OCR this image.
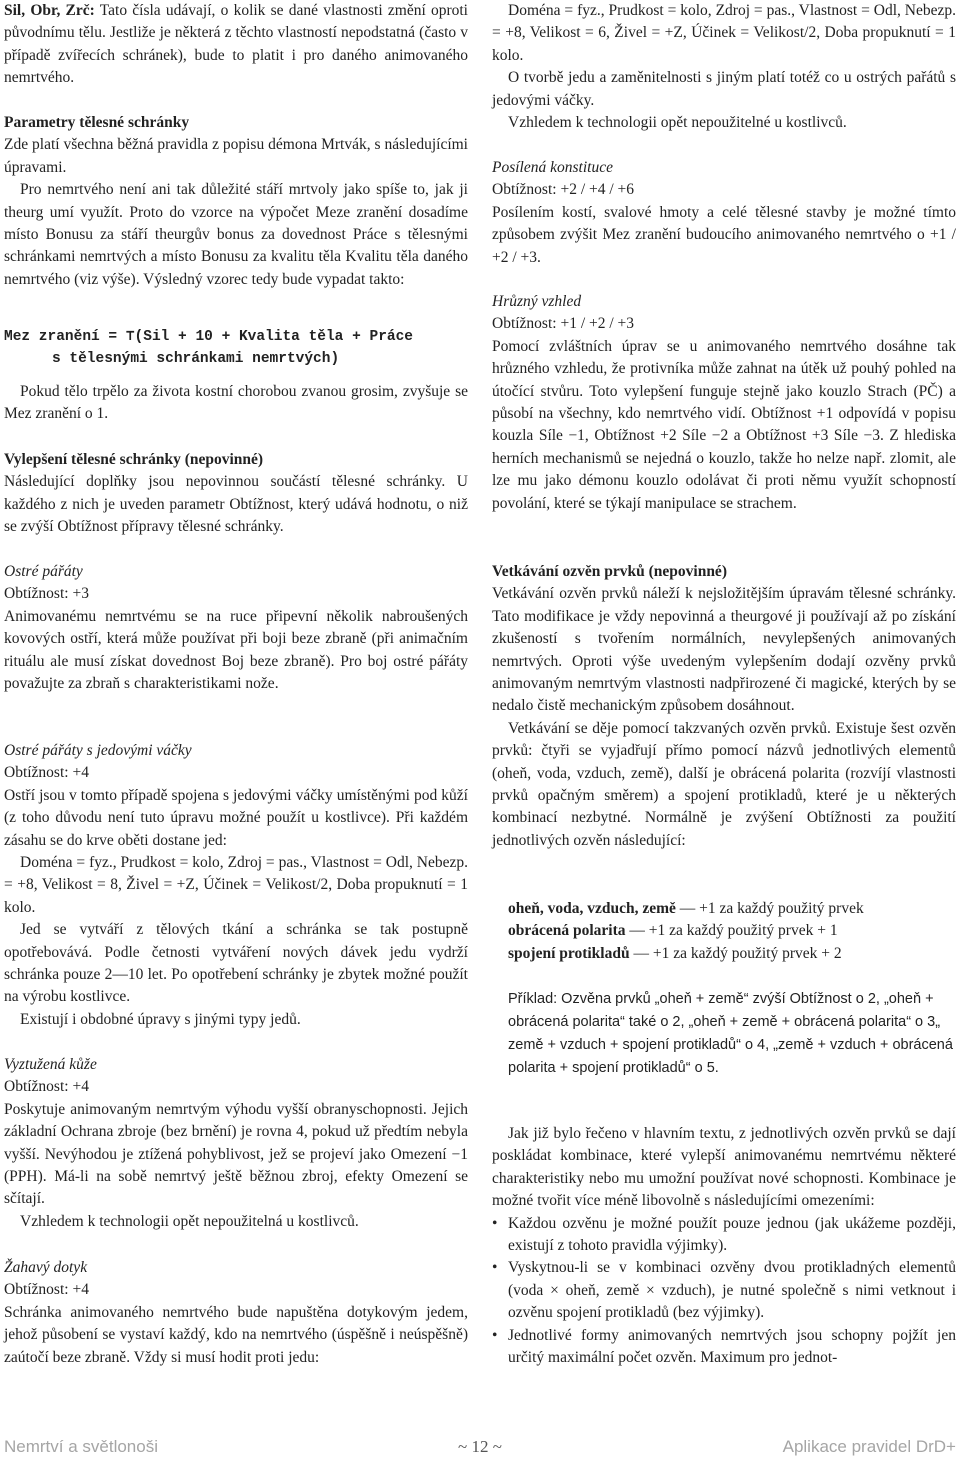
Sil, Obr, Zrč: Tato čísla udávají, o kolik se dané vlastnosti změní oproti původnímu tělu. Jestliže je některá z těchto vlastností nepodstatná (často v případě zvířecích schránek), bude to platit i pro daného animovaného nemrtvého.

Parametry tělesné schránky

Zde platí všechna běžná pravidla z popisu démona Mrtvák, s následujícími úpravami.

Pro nemrtvého není ani tak důležité stáří mrtvoly jako spíše to, jak ji theurg umí využít. Proto do vzorce na výpočet Meze zranění dosadíme místo Bonusu za stáří theurgův bonus za dovednost Práce s tělesnými schránkami nemrtvých a místo Bonusu za kvalitu těla Kvalitu těla daného nemrtvého (viz výše). Výsledný vzorec tedy bude vypadat takto:

Mez zranění = ⊤(Sil + 10 + Kvalita těla + Práce
s tělesnými schránkami nemrtvých)

Pokud tělo trpělo za života kostní chorobou zvanou grosim, zvyšuje se Mez zranění o 1.

Vylepšení tělesné schránky (nepovinné)

Následující doplňky jsou nepovinnou součástí tělesné schránky. U každého z nich je uveden parametr Obtížnost, který udává hodnotu, o niž se zvýší Obtížnost přípravy tělesné schránky.

Ostré pářáty

Obtížnost: +3

Animovanému nemrtvému se na ruce připevní několik nabroušených kovových ostří, která může používat při boji beze zbraně (při animačním rituálu ale musí získat dovednost Boj beze zbraně). Pro boj ostré pářáty považujte za zbraň s charakteristikami nože.

Ostré pářáty s jedovými váčky

Obtížnost: +4

Ostří jsou v tomto případě spojena s jedovými váčky umístěnými pod kůží (z toho důvodu není tuto úpravu možné použít u kostlivce). Při každém zásahu se do krve oběti dostane jed:

Doména = fyz., Prudkost = kolo, Zdroj = pas., Vlastnost = Odl, Nebezp. = +8, Velikost = 8, Živel = +Z, Účinek = Velikost/2, Doba propuknutí = 1 kolo.

Jed se vytváří z tělových tkání a schránka se tak postupně opotřebovává. Podle četnosti vytváření nových dávek jedu vydrží schránka pouze 2—10 let. Po opotřebení schránky je zbytek možné použít na výrobu kostlivce.

Existují i obdobné úpravy s jinými typy jedů.

Vyztužená kůže

Obtížnost: +4

Poskytuje animovaným nemrtvým výhodu vyšší obranyschopnosti. Jejich základní Ochrana zbroje (bez brnění) je rovna 4, pokud už předtím nebyla vyšší. Nevýhodou je ztížená pohyblivost, jež se projeví jako Omezení −1 (PPH). Má-li na sobě nemrtvý ještě běžnou zbroj, efekty Omezení se sčítají.

Vzhledem k technologii opět nepoužitelná u kostlivců.

Žahavý dotyk

Obtížnost: +4

Schránka animovaného nemrtvého bude napuštěna dotykovým jedem, jehož působení se vystaví každý, kdo na nemrtvého (úspěšně i neúspěšně) zaútočí beze zbraně. Vždy si musí hodit proti jedu:

Doména = fyz., Prudkost = kolo, Zdroj = pas., Vlastnost = Odl, Nebezp. = +8, Velikost = 6, Živel = +Z, Účinek = Velikost/2, Doba propuknutí = 1 kolo.

O tvorbě jedu a zaměnitelnosti s jiným platí totéž co u ostrých pařátů s jedovými váčky.

Vzhledem k technologii opět nepoužitelné u kostlivců.

Posílená konstituce

Obtížnost: +2 / +4 / +6

Posílením kostí, svalové hmoty a celé tělesné stavby je možné tímto způsobem zvýšit Mez zranění budoucího animovaného nemrtvého o +1 / +2 / +3.

Hrůzný vzhled

Obtížnost: +1 / +2 / +3

Pomocí zvláštních úprav se u animovaného nemrtvého dosáhne tak hrůzného vzhledu, že protivníka může zahnat na útěk už pouhý pohled na útočící stvůru. Toto vylepšení funguje stejně jako kouzlo Strach (PČ) a působí na všechny, kdo nemrtvého vidí. Obtížnost +1 odpovídá v popisu kouzla Síle −1, Obtížnost +2 Síle −2 a Obtížnost +3 Síle −3. Z hlediska herních mechanismů se nejedná o kouzlo, takže ho nelze např. zlomit, ale lze mu jako démonu kouzlo odolávat či proti němu využít schopností povolání, které se týkají manipulace se strachem.

Vetkávání ozvěn prvků (nepovinné)

Vetkávání ozvěn prvků náleží k nejsložitějším úpravám tělesné schránky. Tato modifikace je vždy nepovinná a theurgové ji používají až po získání zkušeností s tvořením normálních, nevylepšených animovaných nemrtvých. Oproti výše uvedeným vylepšením dodají ozvěny prvků animovaným nemrtvým vlastnosti nadpřirozené či magické, kterých by se nedalo čistě mechanickým způsobem dosáhnout.

Vetkávání se děje pomocí takzvaných ozvěn prvků. Existuje šest ozvěn prvků: čtyři se vyjadřují přímo pomocí názvů jednotlivých elementů (oheň, voda, vzduch, země), další je obrácená polarita (rozvíjí vlastnosti prvků opačným směrem) a spojení protikladů, které je u některých kombinací nezbytné. Normálně je zvýšení Obtížnosti za použití jednotlivých ozvěn následující:

oheň, voda, vzduch, země — +1 za každý použitý prvek

obrácená polarita — +1 za každý použitý prvek + 1

spojení protikladů — +1 za každý použitý prvek + 2

Příklad: Ozvěna prvků „oheň + země“ zvýší Obtížnost o 2, „oheň + obrácená polarita“ také o 2, „oheň + země + obrácená polarita“ o 3„ země + vzduch + spojení protikladů“ o 4, „země + vzduch + obrácená polarita + spojení protikladů“ o 5.

Jak již bylo řečeno v hlavním textu, z jednotlivých ozvěn prvků se dají poskládat kombinace, které vylepší animovanému nemrtvému některé charakteristiky nebo mu umožní používat nové schopnosti. Kombinace je možné tvořit více méně libovolně s následujícími omezeními:

• Každou ozvěnu je možné použít pouze jednou (jak ukážeme později, existují z tohoto pravidla výjimky).
• Vyskytnou-li se v kombinaci ozvěny dvou protikladných elementů (voda × oheň, země × vzduch), je nutné společně s nimi vetknout i ozvěnu spojení protikladů (bez výjimky).
• Jednotlivé formy animovaných nemrtvých jsou schopny pojžít jen určitý maximální počet ozvěn. Maximum pro jednot-
Nemrtví a světlonoši	~ 12 ~	Aplikace pravidel DrD+
